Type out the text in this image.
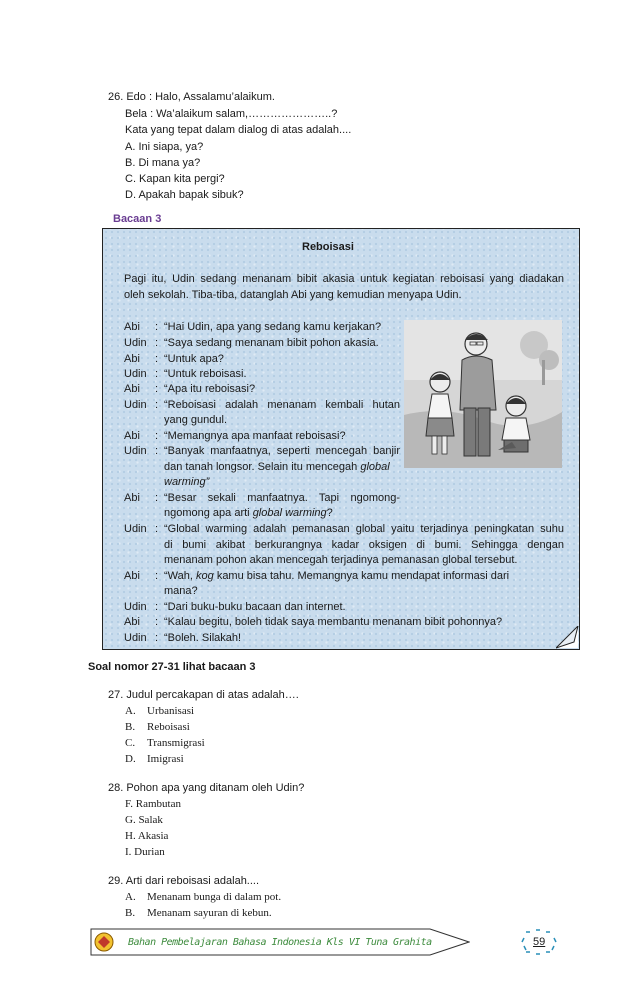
26. Edo : Halo, Assalamu’alaikum.
Bela : Wa’alaikum salam,…………………..?
Kata yang tepat dalam dialog di atas adalah....
A. Ini siapa, ya?
B. Di mana ya?
C. Kapan kita pergi?
D. Apakah bapak sibuk?
Bacaan 3
Reboisasi
Pagi itu, Udin sedang menanam bibit akasia untuk kegiatan reboisasi yang diadakan
oleh sekolah. Tiba-tiba, datanglah Abi yang kemudian menyapa Udin.
Abi	: “Hai Udin, apa yang sedang kamu kerjakan?
Udin : “Saya sedang menanam bibit pohon akasia.
Abi	: “Untuk apa?
Udin : “Untuk reboisasi.
Abi	: “Apa itu reboisasi?
Udin : “Reboisasi adalah menanam kembali hutan
yang gundul.
Abi	: “Memangnya apa manfaat reboisasi?
Udin : “Banyak manfaatnya, seperti mencegah banjir
dan tanah longsor. Selain itu mencegah global
warming”
Abi	: “Besar sekali manfaatnya. Tapi ngomong-
ngomong apa arti global warming?
Udin : “Global warming adalah pemanasan global yaitu terjadinya peningkatan suhu
di bumi akibat berkurangnya kadar oksigen di bumi. Sehingga dengan
menanam pohon akan mencegah terjadinya pemanasan global tersebut.
Abi	: “Wah, kog kamu bisa tahu. Memangnya kamu mendapat informasi dari
mana?
Udin : “Dari buku-buku bacaan dan internet.
Abi	: “Kalau begitu, boleh tidak saya membantu menanam bibit pohonnya?
Udin : “Boleh. Silakah!
Soal nomor 27-31 lihat bacaan 3
27. Judul percakapan di atas adalah….
A. Urbanisasi
B. Reboisasi
C. Transmigrasi
D. Imigrasi
28. Pohon apa yang ditanam oleh Udin?
F. Rambutan
G. Salak
H. Akasia
I. Durian
29. Arti dari reboisasi adalah....
A. Menanam bunga di dalam pot.
B. Menanam sayuran di kebun.
Bahan Pembelajaran Bahasa Indonesia Kls VI Tuna Grahita	59
